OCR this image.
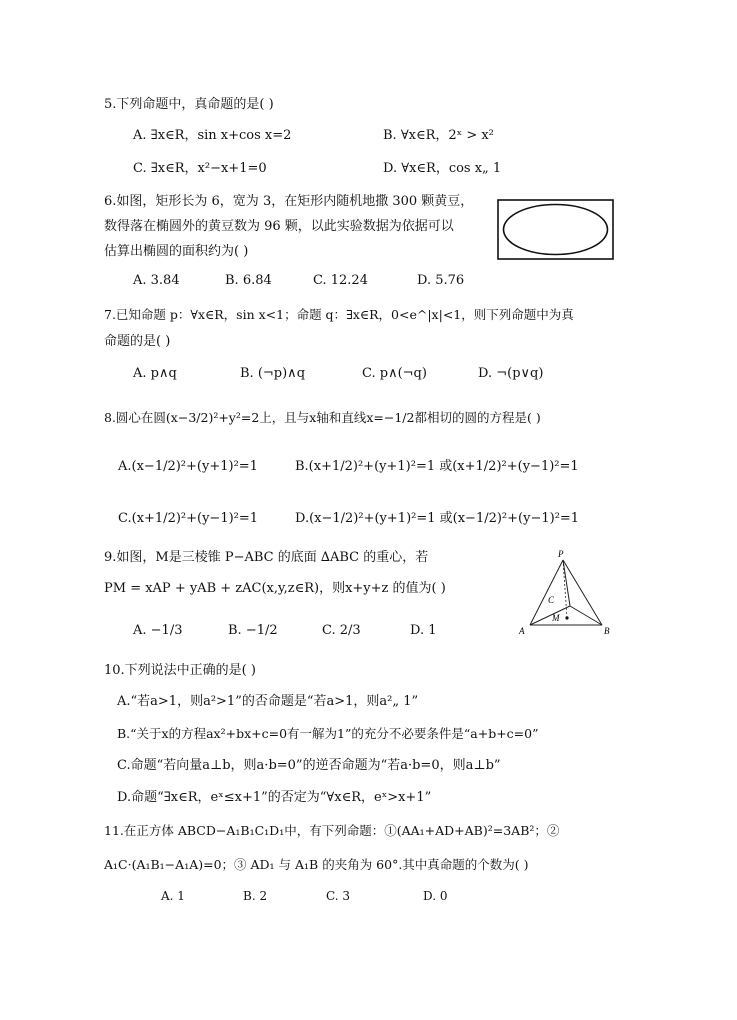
5.下列命题中，真命题的是( )
A. ∃x∈R，sin x+cos x=2	B. ∀x∈R，2ˣ > x²
C. ∃x∈R，x²−x+1=0	D. ∀x∈R，cos x„ 1
6.如图，矩形长为 6，宽为 3，在矩形内随机地撒 300 颗黄豆，
数得落在椭圆外的黄豆数为 96 颗，以此实验数据为依据可以
估算出椭圆的面积约为( )
A. 3.84	B. 6.84	C. 12.24	D. 5.76
7.已知命题 p：∀x∈R，sin x<1；命题 q：∃x∈R，0<e^|x|<1，则下列命题中为真
命题的是( )
A. p∧q	B. (¬p)∧q	C. p∧(¬q)	D. ¬(p∨q)
8.圆心在圆(x−3/2)²+y²=2上，且与x轴和直线x=−1/2都相切的圆的方程是( )
A.(x−1/2)²+(y+1)²=1	B.(x+1/2)²+(y+1)²=1 或(x+1/2)²+(y−1)²=1
C.(x+1/2)²+(y−1)²=1	D.(x−1/2)²+(y+1)²=1 或(x−1/2)²+(y−1)²=1
9.如图，M是三棱锥 P−ABC 的底面 ∆ABC 的重心，若
PM = xAP + yAB + zAC(x,y,z∈R)，则x+y+z 的值为( )
A. −1/3	B. −1/2	C. 2/3	D. 1
P
C
M
A	B
10.下列说法中正确的是( )
A.“若a>1，则a²>1”的否命题是“若a>1，则a²„ 1”
B.“关于x的方程ax²+bx+c=0有一解为1”的充分不必要条件是“a+b+c=0”
C.命题“若向量a⊥b，则a·b=0”的逆否命题为“若a·b=0，则a⊥b”
D.命题“∃x∈R，eˣ≤x+1”的否定为“∀x∈R，eˣ>x+1”
11.在正方体 ABCD−A₁B₁C₁D₁中，有下列命题：①(AA₁+AD+AB)²=3AB²；②
A₁C·(A₁B₁−A₁A)=0；③ AD₁ 与 A₁B 的夹角为 60°.其中真命题的个数为( )
A. 1	B. 2	C. 3	D. 0
